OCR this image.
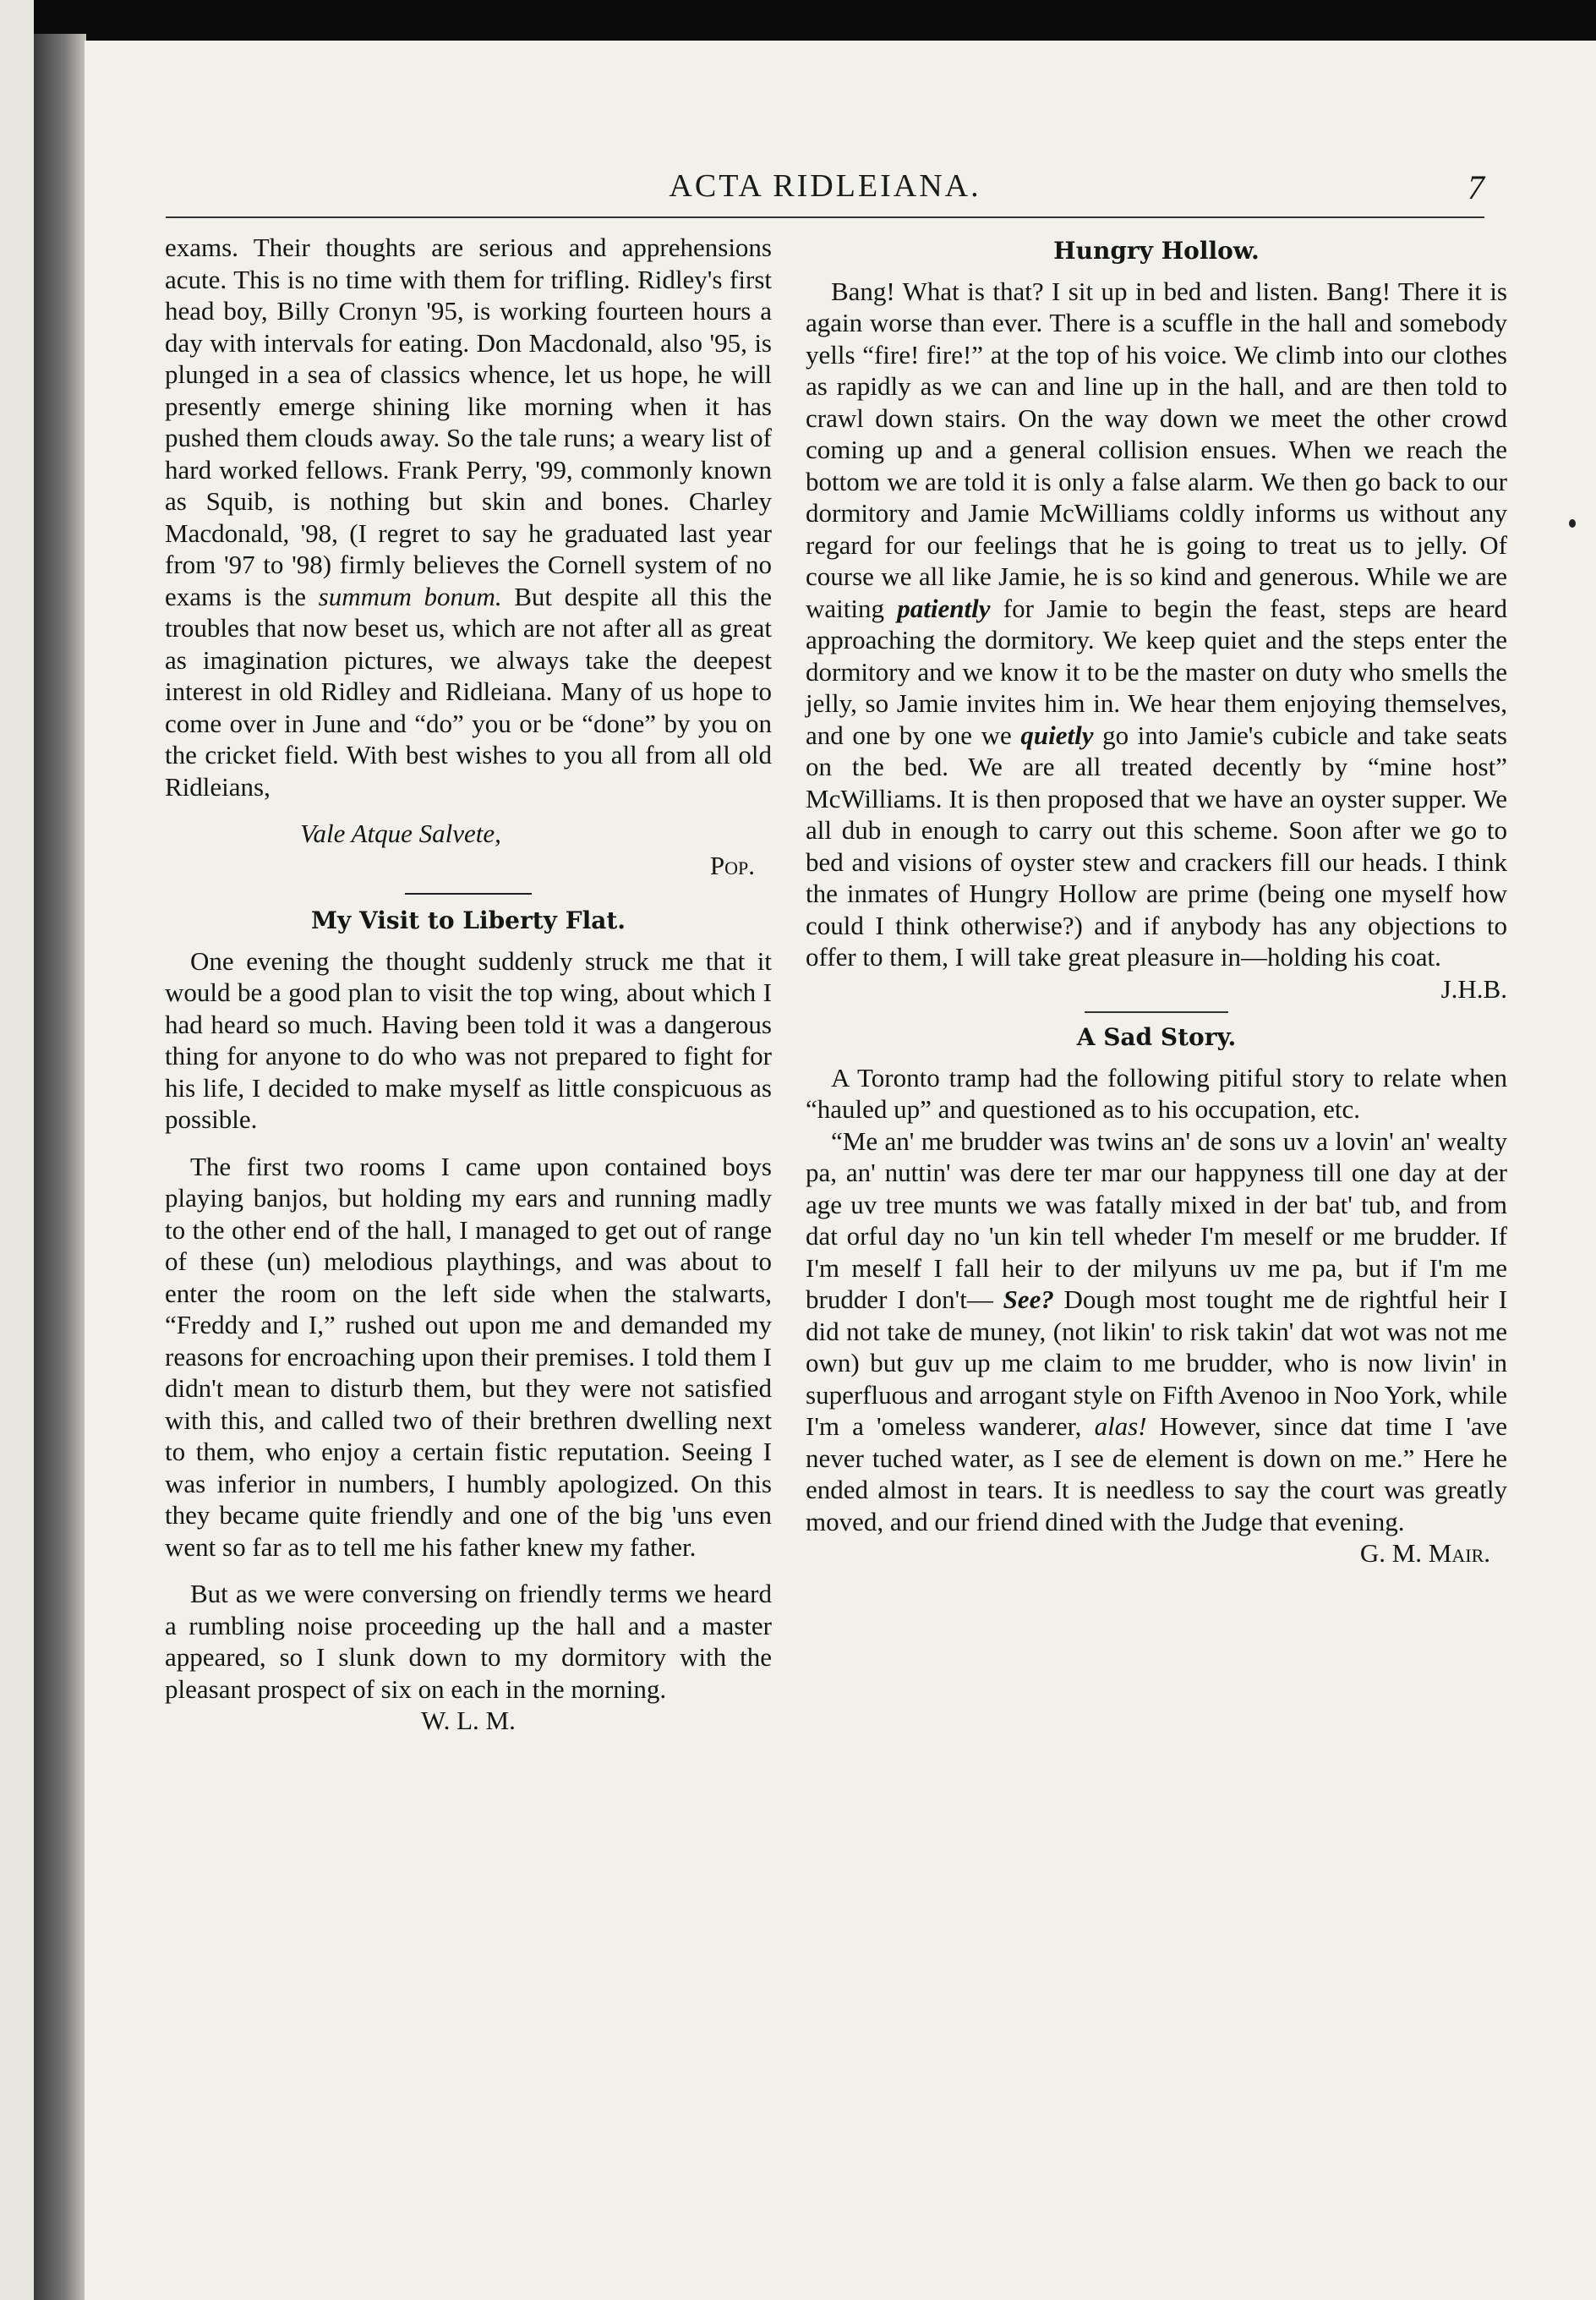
ACTA RIDLEIANA.	7

exams. Their thoughts are serious and apprehensions acute. This is no time with them for trifling. Ridley's first head boy, Billy Cronyn '95, is working fourteen hours a day with intervals for eating. Don Macdonald, also '95, is plunged in a sea of classics whence, let us hope, he will presently emerge shining like morning when it has pushed them clouds away. So the tale runs; a weary list of hard worked fellows. Frank Perry, '99, commonly known as Squib, is nothing but skin and bones. Charley Macdonald, '98, (I regret to say he graduated last year from '97 to '98) firmly believes the Cornell system of no exams is the summum bonum. But despite all this the troubles that now beset us, which are not after all as great as imagination pictures, we always take the deepest interest in old Ridley and Ridleiana. Many of us hope to come over in June and “do” you or be “done” by you on the cricket field. With best wishes to you all from all old Ridleians,

Vale Atque Salvete,

Pop.

My Visit to Liberty Flat.

One evening the thought suddenly struck me that it would be a good plan to visit the top wing, about which I had heard so much. Having been told it was a dangerous thing for anyone to do who was not prepared to fight for his life, I decided to make myself as little conspicuous as possible.

The first two rooms I came upon contained boys playing banjos, but holding my ears and running madly to the other end of the hall, I managed to get out of range of these (un) melodious playthings, and was about to enter the room on the left side when the stalwarts, “Freddy and I,” rushed out upon me and demanded my reasons for encroaching upon their premises. I told them I didn't mean to disturb them, but they were not satisfied with this, and called two of their brethren dwelling next to them, who enjoy a certain fistic reputation. Seeing I was inferior in numbers, I humbly apologized. On this they became quite friendly and one of the big 'uns even went so far as to tell me his father knew my father.

But as we were conversing on friendly terms we heard a rumbling noise proceeding up the hall and a master appeared, so I slunk down to my dormitory with the pleasant prospect of six on each in the morning.

W. L. M.

Hungry Hollow.

Bang! What is that? I sit up in bed and listen. Bang! There it is again worse than ever. There is a scuffle in the hall and somebody yells “fire! fire!” at the top of his voice. We climb into our clothes as rapidly as we can and line up in the hall, and are then told to crawl down stairs. On the way down we meet the other crowd coming up and a general collision ensues. When we reach the bottom we are told it is only a false alarm. We then go back to our dormitory and Jamie McWilliams coldly informs us without any regard for our feelings that he is going to treat us to jelly. Of course we all like Jamie, he is so kind and generous. While we are waiting patiently for Jamie to begin the feast, steps are heard approaching the dormitory. We keep quiet and the steps enter the dormitory and we know it to be the master on duty who smells the jelly, so Jamie invites him in. We hear them enjoying themselves, and one by one we quietly go into Jamie's cubicle and take seats on the bed. We are all treated decently by “mine host” McWilliams. It is then proposed that we have an oyster supper. We all dub in enough to carry out this scheme. Soon after we go to bed and visions of oyster stew and crackers fill our heads. I think the inmates of Hungry Hollow are prime (being one myself how could I think otherwise?) and if anybody has any objections to offer to them, I will take great pleasure in—holding his coat.
J.H.B.

A Sad Story.

A Toronto tramp had the following pitiful story to relate when “hauled up” and questioned as to his occupation, etc.

“Me an' me brudder was twins an' de sons uv a lovin' an' wealty pa, an' nuttin' was dere ter mar our happyness till one day at der age uv tree munts we was fatally mixed in der bat' tub, and from dat orful day no 'un kin tell wheder I'm meself or me brudder. If I'm meself I fall heir to der milyuns uv me pa, but if I'm me brudder I don't— See? Dough most tought me de rightful heir I did not take de muney, (not likin' to risk takin' dat wot was not me own) but guv up me claim to me brudder, who is now livin' in superfluous and arrogant style on Fifth Avenoo in Noo York, while I'm a 'omeless wanderer, alas! However, since dat time I 'ave never tuched water, as I see de element is down on me.” Here he ended almost in tears. It is needless to say the court was greatly moved, and our friend dined with the Judge that evening.

G. M. Mair.
